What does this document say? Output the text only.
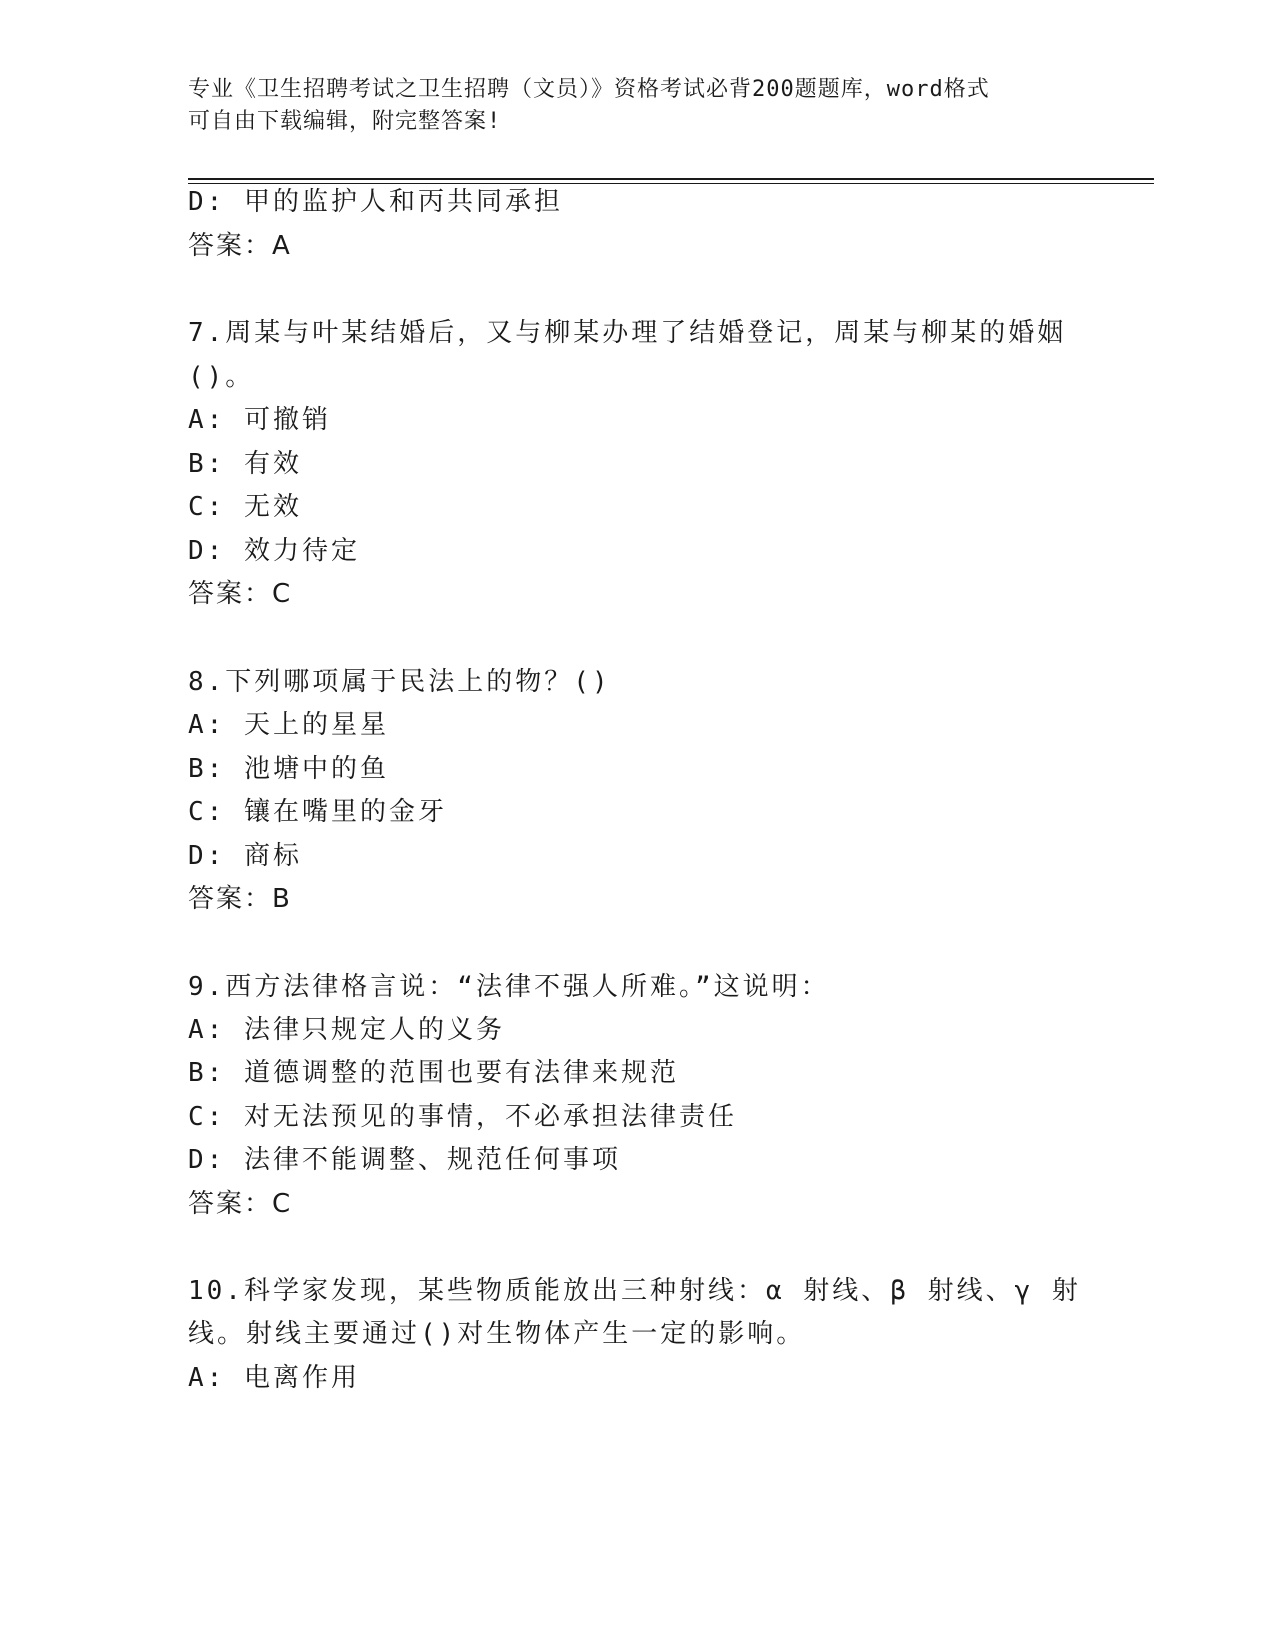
专业《卫生招聘考试之卫生招聘（文员）》资格考试必背200题题库，word格式
可自由下载编辑，附完整答案!
D: 甲的监护人和丙共同承担
答案：A
7.周某与叶某结婚后，又与柳某办理了结婚登记，周某与柳某的婚姻
()。
A: 可撤销
B: 有效
C: 无效
D: 效力待定
答案：C
8.下列哪项属于民法上的物？()
A: 天上的星星
B: 池塘中的鱼
C: 镶在嘴里的金牙
D: 商标
答案：B
9.西方法律格言说：“法律不强人所难。”这说明：
A: 法律只规定人的义务
B: 道德调整的范围也要有法律来规范
C: 对无法预见的事情，不必承担法律责任
D: 法律不能调整、规范任何事项
答案：C
10.科学家发现，某些物质能放出三种射线：α 射线、β 射线、γ 射
线。射线主要通过()对生物体产生一定的影响。
A: 电离作用
